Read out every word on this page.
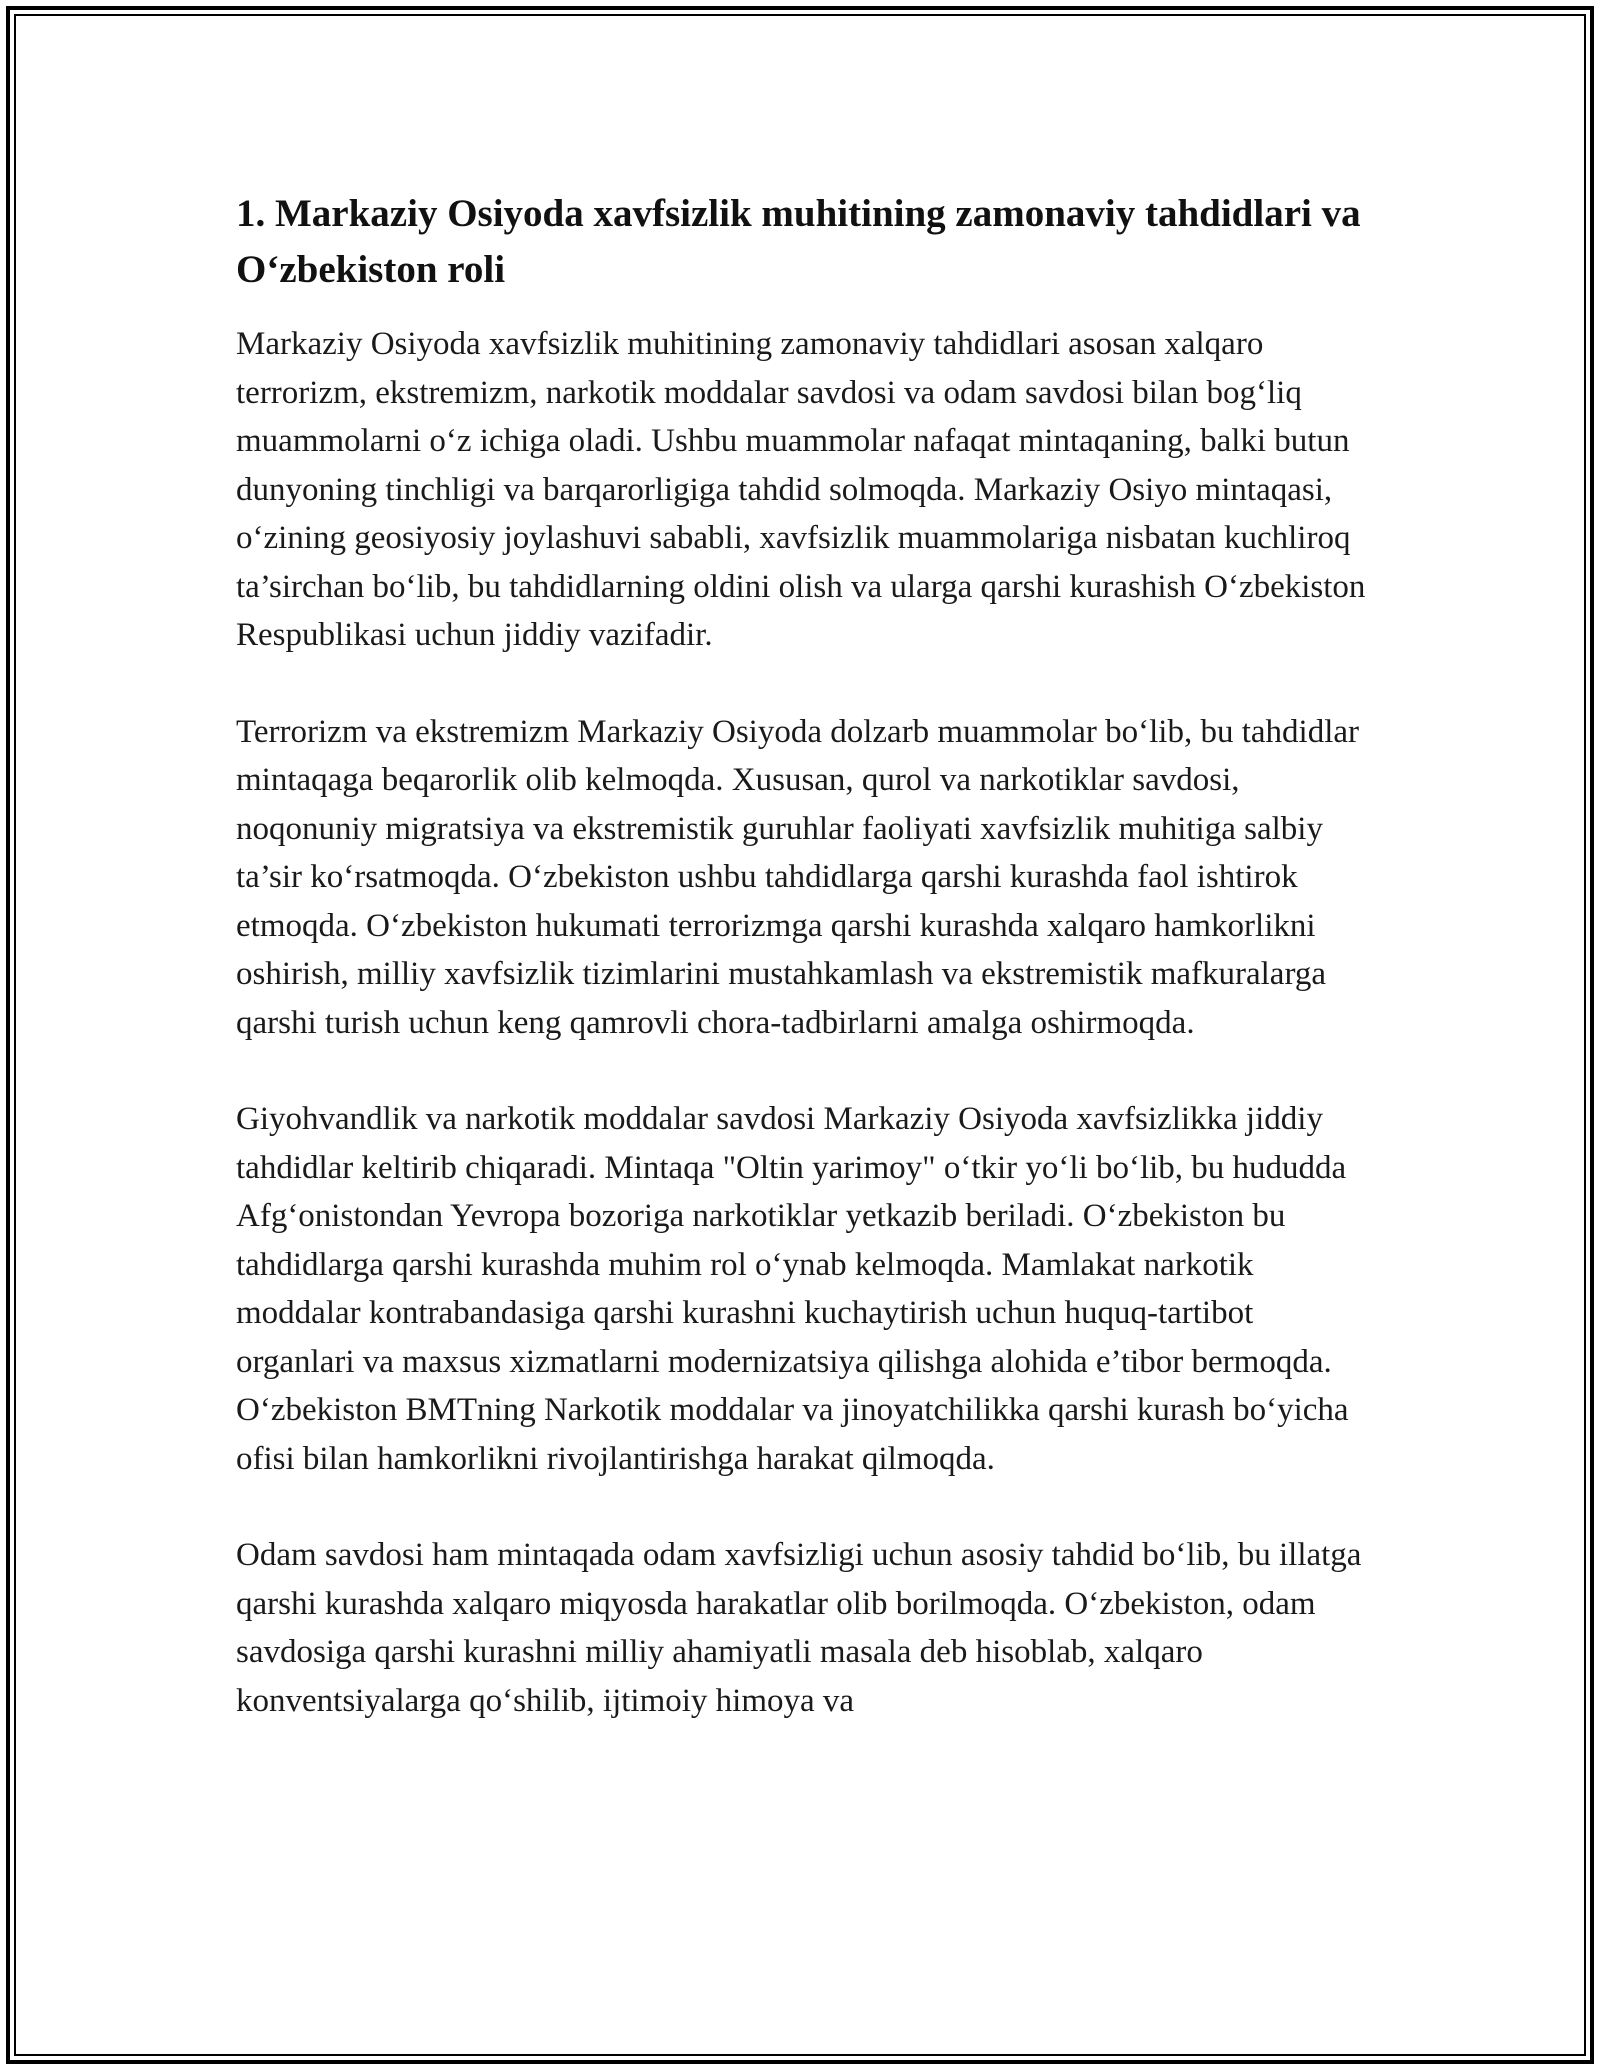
1. Markaziy Osiyoda xavfsizlik muhitining zamonaviy tahdidlari va O‘zbekiston roli

Markaziy Osiyoda xavfsizlik muhitining zamonaviy tahdidlari asosan xalqaro terrorizm, ekstremizm, narkotik moddalar savdosi va odam savdosi bilan bog‘liq muammolarni o‘z ichiga oladi. Ushbu muammolar nafaqat mintaqaning, balki butun dunyoning tinchligi va barqarorligiga tahdid solmoqda. Markaziy Osiyo mintaqasi, o‘zining geosiyosiy joylashuvi sababli, xavfsizlik muammolariga nisbatan kuchliroq ta’sirchan bo‘lib, bu tahdidlarning oldini olish va ularga qarshi kurashish O‘zbekiston Respublikasi uchun jiddiy vazifadir.

Terrorizm va ekstremizm Markaziy Osiyoda dolzarb muammolar bo‘lib, bu tahdidlar mintaqaga beqarorlik olib kelmoqda. Xususan, qurol va narkotiklar savdosi, noqonuniy migratsiya va ekstremistik guruhlar faoliyati xavfsizlik muhitiga salbiy ta’sir ko‘rsatmoqda. O‘zbekiston ushbu tahdidlarga qarshi kurashda faol ishtirok etmoqda. O‘zbekiston hukumati terrorizmga qarshi kurashda xalqaro hamkorlikni oshirish, milliy xavfsizlik tizimlarini mustahkamlash va ekstremistik mafkuralarga qarshi turish uchun keng qamrovli chora-tadbirlarni amalga oshirmoqda.

Giyohvandlik va narkotik moddalar savdosi Markaziy Osiyoda xavfsizlikka jiddiy tahdidlar keltirib chiqaradi. Mintaqa "Oltin yarimoy" o‘tkir yo‘li bo‘lib, bu hududda Afg‘onistondan Yevropa bozoriga narkotiklar yetkazib beriladi. O‘zbekiston bu tahdidlarga qarshi kurashda muhim rol o‘ynab kelmoqda. Mamlakat narkotik moddalar kontrabandasiga qarshi kurashni kuchaytirish uchun huquq-tartibot organlari va maxsus xizmatlarni modernizatsiya qilishga alohida e’tibor bermoqda. O‘zbekiston BMTning Narkotik moddalar va jinoyatchilikka qarshi kurash bo‘yicha ofisi bilan hamkorlikni rivojlantirishga harakat qilmoqda.

Odam savdosi ham mintaqada odam xavfsizligi uchun asosiy tahdid bo‘lib, bu illatga qarshi kurashda xalqaro miqyosda harakatlar olib borilmoqda. O‘zbekiston, odam savdosiga qarshi kurashni milliy ahamiyatli masala deb hisoblab, xalqaro konventsiyalarga qo‘shilib, ijtimoiy himoya va
